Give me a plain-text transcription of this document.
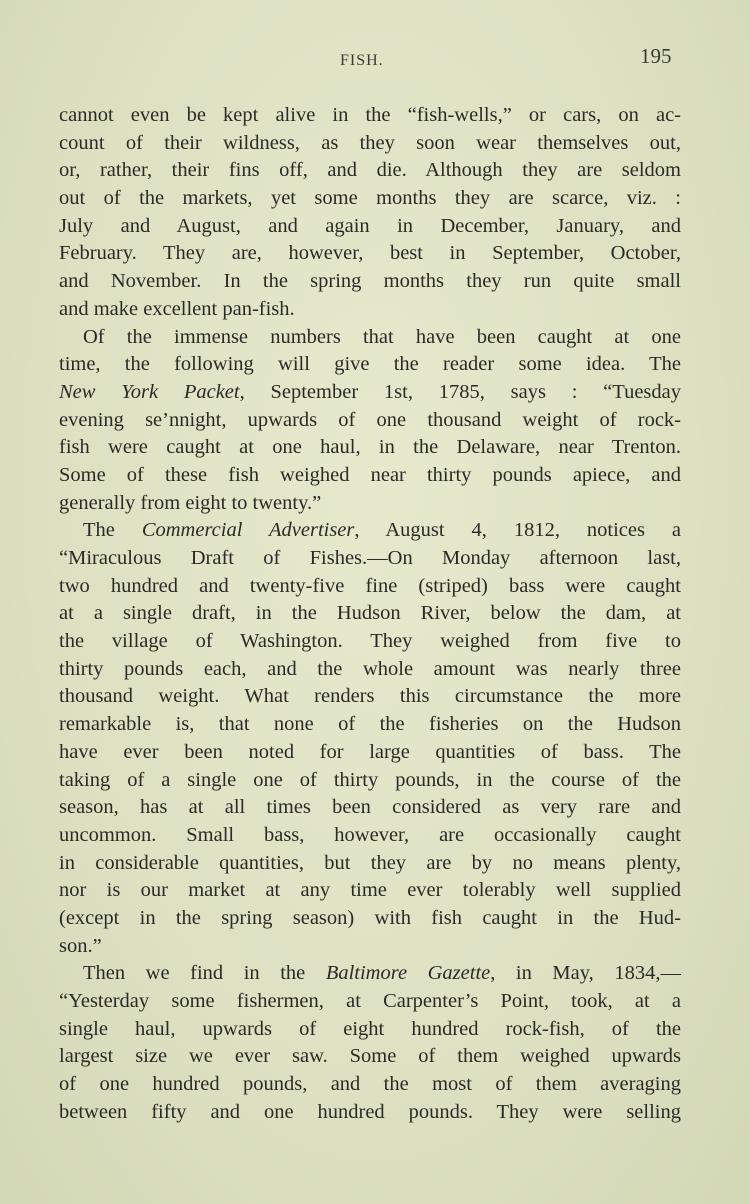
FISH.	195
cannot even be kept alive in the “fish-wells,” or cars, on ac-
count of their wildness, as they soon wear themselves out,
or, rather, their fins off, and die. Although they are seldom
out of the markets, yet some months they are scarce, viz. :
July and August, and again in December, January, and
February. They are, however, best in September, October,
and November. In the spring months they run quite small
and make excellent pan-fish.
Of the immense numbers that have been caught at one
time, the following will give the reader some idea. The
New York Packet, September 1st, 1785, says : “Tuesday
evening se’nnight, upwards of one thousand weight of rock-
fish were caught at one haul, in the Delaware, near Trenton.
Some of these fish weighed near thirty pounds apiece, and
generally from eight to twenty.”
The Commercial Advertiser, August 4, 1812, notices a
“Miraculous Draft of Fishes.—On Monday afternoon last,
two hundred and twenty-five fine (striped) bass were caught
at a single draft, in the Hudson River, below the dam, at
the village of Washington. They weighed from five to
thirty pounds each, and the whole amount was nearly three
thousand weight. What renders this circumstance the more
remarkable is, that none of the fisheries on the Hudson
have ever been noted for large quantities of bass. The
taking of a single one of thirty pounds, in the course of the
season, has at all times been considered as very rare and
uncommon. Small bass, however, are occasionally caught
in considerable quantities, but they are by no means plenty,
nor is our market at any time ever tolerably well supplied
(except in the spring season) with fish caught in the Hud-
son.”
Then we find in the Baltimore Gazette, in May, 1834,—
“Yesterday some fishermen, at Carpenter’s Point, took, at a
single haul, upwards of eight hundred rock-fish, of the
largest size we ever saw. Some of them weighed upwards
of one hundred pounds, and the most of them averaging
between fifty and one hundred pounds. They were selling
